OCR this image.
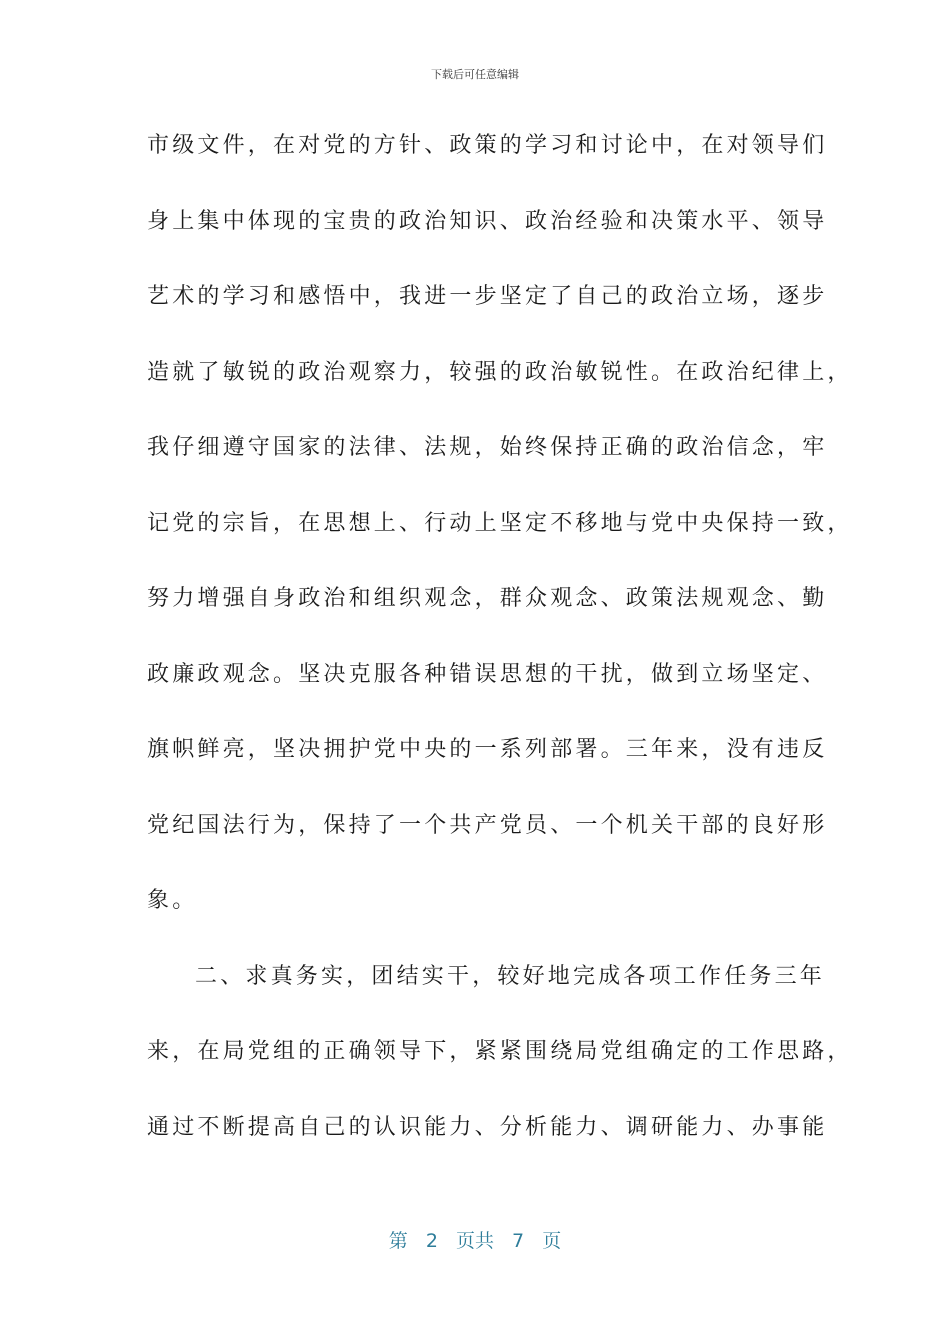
下载后可任意编辑
市级文件，在对党的方针、政策的学习和讨论中，在对领导们
身上集中体现的宝贵的政治知识、政治经验和决策水平、领导
艺术的学习和感悟中，我进一步坚定了自己的政治立场，逐步
造就了敏锐的政治观察力，较强的政治敏锐性。在政治纪律上，
我仔细遵守国家的法律、法规，始终保持正确的政治信念，牢
记党的宗旨，在思想上、行动上坚定不移地与党中央保持一致，
努力增强自身政治和组织观念，群众观念、政策法规观念、勤
政廉政观念。坚决克服各种错误思想的干扰，做到立场坚定、
旗帜鲜亮，坚决拥护党中央的一系列部署。三年来，没有违反
党纪国法行为，保持了一个共产党员、一个机关干部的良好形
象。
二、求真务实，团结实干，较好地完成各项工作任务三年
来，在局党组的正确领导下，紧紧围绕局党组确定的工作思路，
通过不断提高自己的认识能力、分析能力、调研能力、办事能
第 2 页共 7 页
